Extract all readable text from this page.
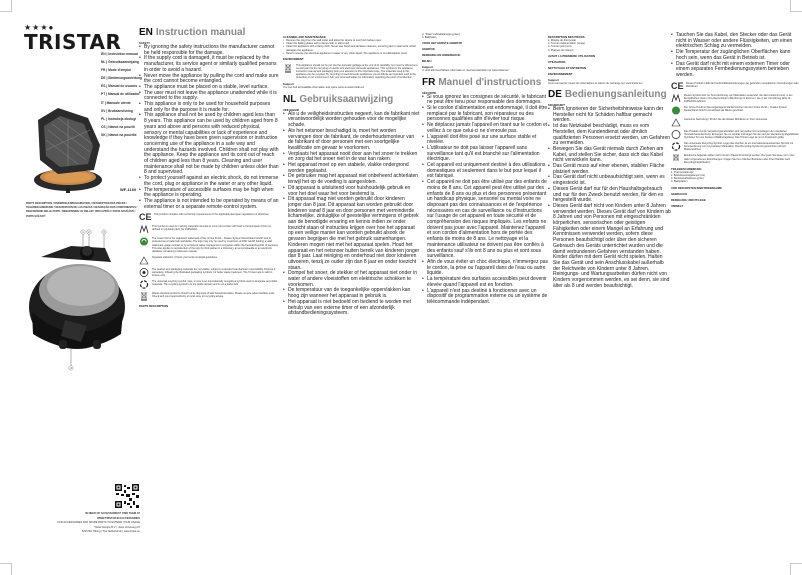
★★★●
TRISTAR
EN | Instruction manual
NL | Gebruiksaanwijzing
FR | Mode d'emploi
DE | Bedienungsanleitung
ES | Manual de usuario
PT | Manual de utilizador
IT | Manuale utente
SV | Bruksanvisning
PL | Instrukcja obsługi
CS | Návod na použití
SK | Návod na použitie
WF-1160
PARTS DESCRIPTION / ONDERDELENBESCHRIJVING / DESCRIPTION DES PIÈCES / TEILEBESCHREIBUNG / DESCRIPCIÓN DE LAS PIEZAS / DESCRIÇÃO DOS COMPONENTES / DESCRIZIONE DELLE PARTI / BESKRIVNING AV DELAR / OPIS CZĘŚCI / POPIS SOUČÁSTÍ / POPIS SÚČASTÍ
1 2	3
4
IN NEED OF ACCESSORIES? FIND THEM AT
WWW.TRISTAR.EU/ACCESSORIES
FOR ACCESSORIES AND SPARE PARTS TO EXTEND YOUR USAGE
Tristar Europe B.V. | Jules Verneweg 87
5015 BH Tilburg | The Netherlands | www.tristar.eu
EN Instruction manual
SAFETY
• By ignoring the safety instructions the manufacturer cannot be held responsible for the damage.
• If the supply cord is damaged, it must be replaced by the manufacturer, its service agent or similarly qualified persons in order to avoid a hazard.
• Never move the appliance by pulling the cord and make sure the cord cannot become entangled.
• The appliance must be placed on a stable, level surface.
• The user must not leave the appliance unattended while it is connected to the supply.
• This appliance is only to be used for household purposes and only for the purpose it is made for.
• This appliance shall not be used by children aged less than 8 years. This appliance can be used by children aged from 8 years and above and persons with reduced physical, sensory or mental capabilities or lack of experience and knowledge if they have been given supervision or instruction concerning use of the appliance in a safe way and understand the hazards involved. Children shall not play with the appliance. Keep the appliance and its cord out of reach of children aged less than 8 years. Cleaning and user maintenance shall not be made by children unless older than 8 and supervised.
• To protect yourself against an electric shock, do not immerse the cord, plug or appliance in the water or any other liquid.
• The temperature of accessible surfaces may be high when the appliance is operating.
• The appliance is not intended to be operated by means of an external timer or a separate remote-control system.
CE This product complies with conformity requirements of the applicable European regulations or directives.
This symbol is used for marking materials intended to come into contact with food in the European Union as defined in regulation (EC) No 1935/2004.
The Green Dot is the registered trademark of Der Grüne Punkt – Duales System Deutschland GmbH and is protected as a trademark worldwide. The logo may only be used by customers of DSD GmbH holding a valid trademark usage contract or by employed waste management companies within the Federal Republic of Germany. This also applies to reproduction of the logo by third parties in a dictionary, an encyclopaedia or an electronic database containing a reference manual.
Separate collection | Check your local municipal guidelines.
The product and packaging materials are recyclable, subject to extended manufacturer responsibility. Dispose it separately, following the illustrated packaging symbols, for better waste treatment. The Triman logo is valid in France only.
The universal recycling symbol, logo, or icon is an internationally recognized symbol used to designate recyclable materials. The recycling symbol is in the public domain and is not a trademark.
Waste electrical products should not be disposed of with household waste. Please recycle where facilities exist. Check with your local Authority or local store for recycling advice.
PARTS DESCRIPTION
CLEANING AND MAINTENANCE
• Remove the plug from the wall outlet and allow the device to cool both halves open.
• Clean the baking plates with a damp cloth or soft brush.
• Clean the appliance with a damp cloth. Never use harsh and abrasive cleaners, scouring pad or steel wool, which damages the appliance.
• Never immerse the electrical appliance in water or any other liquid. The appliance is not dishwasher proof.
ENVIRONMENT
This appliance should not be put into the domestic garbage at the end of its durability, but must be offered at a central point for the recycling of electric and electronic domestic appliances. This symbol on the appliance, instruction manual and packaging puts your attention to this important issue. The materials used in this appliance can be recycled. By recycling of used domestic appliances you contribute an important push to the protection of our environment. Ask your local authorities for information regarding the point of recollection.
Support
You can find all available information and spare parts at www.tristar.eu!
NL Gebruiksaanwijzing
VEILIGHEID
• Als u de veiligheidsinstructies negeert, kan de fabrikant niet verantwoordelijk worden gehouden voor de mogelijke schade.
• Als het netsnoer beschadigd is, moet het worden vervangen door de fabrikant, de onderhoudsmonteur van de fabrikant of door personen met een soortgelijke kwalificatie om gevaar te voorkomen.
• Verplaats het apparaat nooit door aan het snoer te trekken en zorg dat het snoer niet in de war kan raken.
• Het apparaat moet op een stabiele, vlakke ondergrond worden geplaatst.
• De gebruiker mag het apparaat niet onbeheerd achterlaten terwijl het op de voeding is aangesloten.
• Dit apparaat is uitsluitend voor huishoudelijk gebruik en voor het doel waar het voor bestemd is.
• Dit apparaat mag niet worden gebruikt door kinderen jonger dan 8 jaar. Dit apparaat kan worden gebruikt door kinderen vanaf 8 jaar en door personen met verminderde lichamelijke, zintuiglijke of geestelijke vermogens of gebrek aan de benodigde ervaring en kennis indien ze onder toezicht staan of instructies krijgen over hoe het apparaat op een veilige manier kan worden gebruikt alsook de gevaren begrijpen die met het gebruik samenhangen. Kinderen mogen niet met het apparaat spelen. Houd het apparaat en het netsnoer buiten bereik van kinderen jonger dan 8 jaar. Laat reiniging en onderhoud niet door kinderen uitvoeren, tenzij ze ouder zijn dan 8 jaar en onder toezicht staan.
• Dompel het snoer, de stekker of het apparaat niet onder in water of andere vloeistoffen om elektrische schokken te voorkomen.
• De temperatuur van de toegankelijke oppervlakken kan hoog zijn wanneer het apparaat in gebruik is.
• Het apparaat is niet bedoeld om bediend te worden met behulp van een externe timer of een afzonderlijk afstandbedieningssysteem.
3. "Klaar"-indicatielampje (groen)
4. Bakplaten
VOOR HET EERSTE GEBRUIK
GEBRUIK
REINIGING EN ONDERHOUD
MILIEU
Support
U vindt alle beschikbare informatie en reserveonderdelen op www.tristar.eu!
FR Manuel d'instructions
SÉCURITÉ
• Si vous ignorez les consignes de sécurité, le fabricant ne peut être tenu pour responsable des dommages.
• Si le cordon d'alimentation est endommagé, il doit être remplacé par le fabricant, son réparateur ou des personnes qualifiées afin d'éviter tout risque.
• Ne déplacez jamais l'appareil en tirant sur le cordon et veillez à ce que celui-ci ne s'enroule pas.
• L'appareil doit être posé sur une surface stable et nivelée.
• L'utilisateur ne doit pas laisser l'appareil sans surveillance tant qu'il est branché sur l'alimentation électrique.
• Cet appareil est uniquement destiné à des utilisations domestiques et seulement dans le but pour lequel il est fabriqué.
• Cet appareil ne doit pas être utilisé par des enfants de moins de 8 ans. Cet appareil peut être utilisé par des enfants de 8 ans ou plus et des personnes présentant un handicap physique, sensoriel ou mental voire ne disposant pas des connaissances et de l'expérience nécessaires en cas de surveillance ou d'instructions sur l'usage de cet appareil en toute sécurité et de compréhension des risques impliqués. Les enfants ne doivent pas jouer avec l'appareil. Maintenez l'appareil et son cordon d'alimentation hors de portée des enfants de moins de 8 ans. Le nettoyage et la maintenance utilisateur ne doivent pas être confiés à des enfants sauf s'ils ont 8 ans ou plus et sont sous surveillance.
• Afin de vous éviter un choc électrique, n'immergez pas le cordon, la prise ou l'appareil dans de l'eau ou autre liquide.
• La température des surfaces accessibles peut devenir élevée quand l'appareil est en fonction.
• L'appareil n'est pas destiné à fonctionner avec un dispositif de programmation externe ou un système de télécommande indépendant.
DESCRIPTION DES PIÈCES
1. Molette de thermostat
2. Témoin d'alimentation (rouge)
3. Témoin prêt (vert)
4. Plaques de cuisson
AVANT LA PREMIÈRE UTILISATION
UTILISATION
NETTOYAGE ET ENTRETIEN
ENVIRONNEMENT
Support
Vous retrouverez toutes les informations et pièces de rechange sur www.tristar.eu!
DE Bedienungsanleitung
SICHERHEIT
• Beim Ignorieren der Sicherheitshinweise kann der Hersteller nicht für Schäden haftbar gemacht werden.
• Ist das Netzkabel beschädigt, muss es vom Hersteller, dem Kundendienst oder ähnlich qualifizierten Personen ersetzt werden, um Gefahren zu vermeiden.
• Bewegen Sie das Gerät niemals durch Ziehen am Kabel, und stellen Sie sicher, dass sich das Kabel nicht verwickeln kann.
• Das Gerät muss auf einer ebenen, stabilen Fläche platziert werden.
• Das Gerät darf nicht unbeaufsichtigt sein, wenn es eingesteckt ist.
• Dieses Gerät darf nur für den Haushaltsgebrauch und nur für den Zweck benutzt werden, für den es hergestellt wurde.
• Dieses Gerät darf nicht von Kindern unter 8 Jahren verwendet werden. Dieses Gerät darf von Kindern ab 8 Jahren und von Personen mit eingeschränkten körperlichen, sensorischen oder geistigen Fähigkeiten oder einem Mangel an Erfahrung und Kenntnissen verwendet werden, sofern diese Personen beaufsichtigt oder über den sicheren Gebrauch des Geräts unterrichtet wurden und die damit verbundenen Gefahren verstanden haben. Kinder dürfen mit dem Gerät nicht spielen. Halten Sie das Gerät und sein Anschlusskabel außerhalb der Reichweite von Kindern unter 8 Jahren. Reinigungs- und Wartungsarbeiten dürfen nicht von Kindern vorgenommen werden, es sei denn, sie sind älter als 8 und werden beaufsichtigt.
• Tauchen Sie das Kabel, den Stecker oder das Gerät nicht in Wasser oder andere Flüssigkeiten, um einen elektrischen Schlag zu vermeiden.
• Die Temperatur der zugänglichen Oberflächen kann hoch sein, wenn das Gerät in Betrieb ist.
• Das Gerät darf nicht mit einem externen Timer oder einem separaten Fernbedienungssystem betrieben werden.
CE Dieses Produkt erfüllt die Konformitätsanforderungen der geltenden europäischen Verordnungen oder Richtlinien.
Dieses Symbol wird zur Kennzeichnung von Materialien verwendet, die dazu bestimmt sind, in der Europäischen Union mit Lebensmitteln in Berührung zu kommen, wie in der Verordnung (EG) Nr. 1935/2004 definiert.
Der Grüne Punkt ist das eingetragene Markenzeichen der Der Grüne Punkt – Duales System Deutschland GmbH und weltweit als Marke geschützt.
Getrennte Sammlung / Prüfen Sie die lokalen Richtlinien in Ihrer Gemeinde.
Das Produkt und die Verpackungsmaterialien sind recycelbar und unterliegen der erweiterten Herstellerverantwortung. Entsorgen Sie es separat und folgen Sie den auf der Verpackung abgebildeten Symbolen für eine bessere Abfallbehandlung. Das Triman-Logo ist nur in Frankreich gültig.
Das universelle Recycling-Symbol, Logo oder Zeichen ist ein international anerkanntes Symbol zur Kennzeichnung von recycelbaren Materialien. Das Recycling-Symbol ist gemeinfrei und kein Markenzeichen.
Elektrische Altgeräte sollten nicht mit dem Hausmüll entsorgt werden. Recyceln Sie diese nur in den dafür vorgesehenen Einrichtungen. Fragen Sie Ihre örtlichen Behörden oder Ihren Händler nach Recyclingmöglichkeiten.
TEILEBESCHREIBUNG
1. Thermostatknopf
2. Betriebsanzeigelampe (rot)
3. Bereitschaftslampe (grün)
4. Backplatten
VOR DER ERSTEN INBETRIEBNAHME
GEBRAUCH
REINIGUNG UND PFLEGE
UMWELT
